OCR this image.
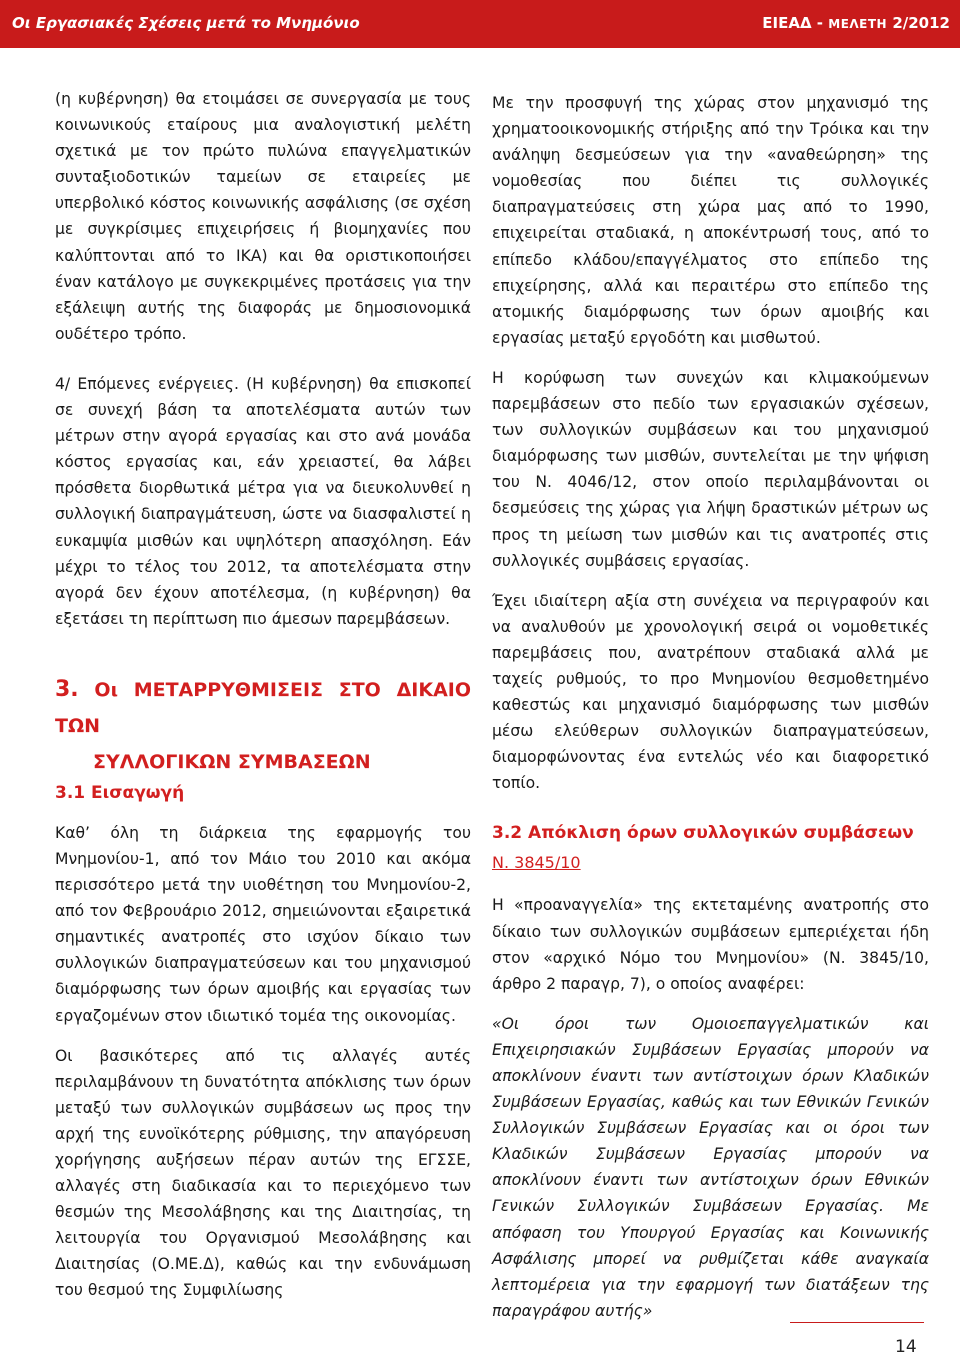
Οι Εργασιακές Σχέσεις μετά το Μνημόνιο	ΕΙΕΑΔ - ΜΕΛΕΤΗ 2/2012

(η κυβέρνηση) θα ετοιμάσει σε συνεργασία με τους κοινωνικούς εταίρους μια αναλογιστική μελέτη σχετικά με τον πρώτο πυλώνα επαγγελματικών συνταξιοδοτικών ταμείων σε εταιρείες με υπερβολικό κόστος κοινωνικής ασφάλισης (σε σχέση με συγκρίσιμες επιχειρήσεις ή βιομηχανίες που καλύπτονται από το ΙΚΑ) και θα οριστικοποιήσει έναν κατάλογο με συγκεκριμένες προτάσεις για την εξάλειψη αυτής της διαφοράς με δημοσιονομικά ουδέτερο τρόπο.

4/ Επόμενες ενέργειες. (Η κυβέρνηση) θα επισκοπεί σε συνεχή βάση τα αποτελέσματα αυτών των μέτρων στην αγορά εργασίας και στο ανά μονάδα κόστος εργασίας και, εάν χρειαστεί, θα λάβει πρόσθετα διορθωτικά μέτρα για να διευκολυνθεί η συλλογική διαπραγμάτευση, ώστε να διασφαλιστεί η ευκαμψία μισθών και υψηλότερη απασχόληση. Εάν μέχρι το τέλος του 2012, τα αποτελέσματα στην αγορά δεν έχουν αποτέλεσμα, (η κυβέρνηση) θα εξετάσει τη περίπτωση πιο άμεσων παρεμβάσεων.

3. Οι ΜΕΤΑΡΡΥΘΜΙΣΕΙΣ ΣΤΟ ΔΙΚΑΙΟ ΤΩΝ
ΣΥΛΛΟΓΙΚΩΝ ΣΥΜΒΑΣΕΩΝ

3.1 Εισαγωγή

Καθ’ όλη τη διάρκεια της εφαρμογής του Μνημονίου-1, από τον Μάιο του 2010 και ακόμα περισσότερο μετά την υιοθέτηση του Μνημονίου-2, από τον Φεβρουάριο 2012, σημειώνονται εξαιρετικά σημαντικές ανατροπές στο ισχύον δίκαιο των συλλογικών διαπραγματεύσεων και του μηχανισμού διαμόρφωσης των όρων αμοιβής και εργασίας των εργαζομένων στον ιδιωτικό τομέα της οικονομίας.

Οι βασικότερες από τις αλλαγές αυτές περιλαμβάνουν τη δυνατότητα απόκλισης των όρων μεταξύ των συλλογικών συμβάσεων ως προς την αρχή της ευνοϊκότερης ρύθμισης, την απαγόρευση χορήγησης αυξήσεων πέραν αυτών της ΕΓΣΣΕ, αλλαγές στη διαδικασία και το περιεχόμενο των θεσμών της Μεσολάβησης και της Διαιτησίας, τη λειτουργία του Οργανισμού Μεσολάβησης και Διαιτησίας (Ο.ΜΕ.Δ), καθώς και την ενδυνάμωση του θεσμού της Συμφιλίωσης

Με την προσφυγή της χώρας στον μηχανισμό της χρηματοοικονομικής στήριξης από την Τρόικα και την ανάληψη δεσμεύσεων για την «αναθεώρηση» της νομοθεσίας που διέπει τις συλλογικές διαπραγματεύσεις στη χώρα μας από το 1990, επιχειρείται σταδιακά, η αποκέντρωσή τους, από το επίπεδο κλάδου/επαγγέλματος στο επίπεδο της επιχείρησης, αλλά και περαιτέρω στο επίπεδο της ατομικής διαμόρφωσης των όρων αμοιβής και εργασίας μεταξύ εργοδότη και μισθωτού.

Η κορύφωση των συνεχών και κλιμακούμενων παρεμβάσεων στο πεδίο των εργασιακών σχέσεων, των συλλογικών συμβάσεων και του μηχανισμού διαμόρφωσης των μισθών, συντελείται με την ψήφιση του Ν. 4046/12, στον οποίο περιλαμβάνονται οι δεσμεύσεις της χώρας για λήψη δραστικών μέτρων ως προς τη μείωση των μισθών και τις ανατροπές στις συλλογικές συμβάσεις εργασίας.

Έχει ιδιαίτερη αξία στη συνέχεια να περιγραφούν και να αναλυθούν με χρονολογική σειρά οι νομοθετικές παρεμβάσεις που, ανατρέπουν σταδιακά αλλά με ταχείς ρυθμούς, το προ Μνημονίου θεσμοθετημένο καθεστώς και μηχανισμό διαμόρφωσης των μισθών μέσω ελεύθερων συλλογικών διαπραγματεύσεων, διαμορφώνοντας ένα εντελώς νέο και διαφορετικό τοπίο.

3.2 Απόκλιση όρων συλλογικών συμβάσεων

Ν. 3845/10

Η «προαναγγελία» της εκτεταμένης ανατροπής στο δίκαιο των συλλογικών συμβάσεων εμπεριέχεται ήδη στον «αρχικό Νόμο του Μνημονίου» (Ν. 3845/10, άρθρο 2 παραγρ, 7), ο οποίος αναφέρει:

«Οι όροι των Ομοιοεπαγγελματικών και Επιχειρησιακών Συμβάσεων Εργασίας μπορούν να αποκλίνουν έναντι των αντίστοιχων όρων Κλαδικών Συμβάσεων Εργασίας, καθώς και των Εθνικών Γενικών Συλλογικών Συμβάσεων Εργασίας και οι όροι των Κλαδικών Συμβάσεων Εργασίας μπορούν να αποκλίνουν έναντι των αντίστοιχων όρων Εθνικών Γενικών Συλλογικών Συμβάσεων Εργασίας. Με απόφαση του Υπουργού Εργασίας και Κοινωνικής Ασφάλισης μπορεί να ρυθμίζεται κάθε αναγκαία λεπτομέρεια για την εφαρμογή των διατάξεων της παραγράφου αυτής»

14
